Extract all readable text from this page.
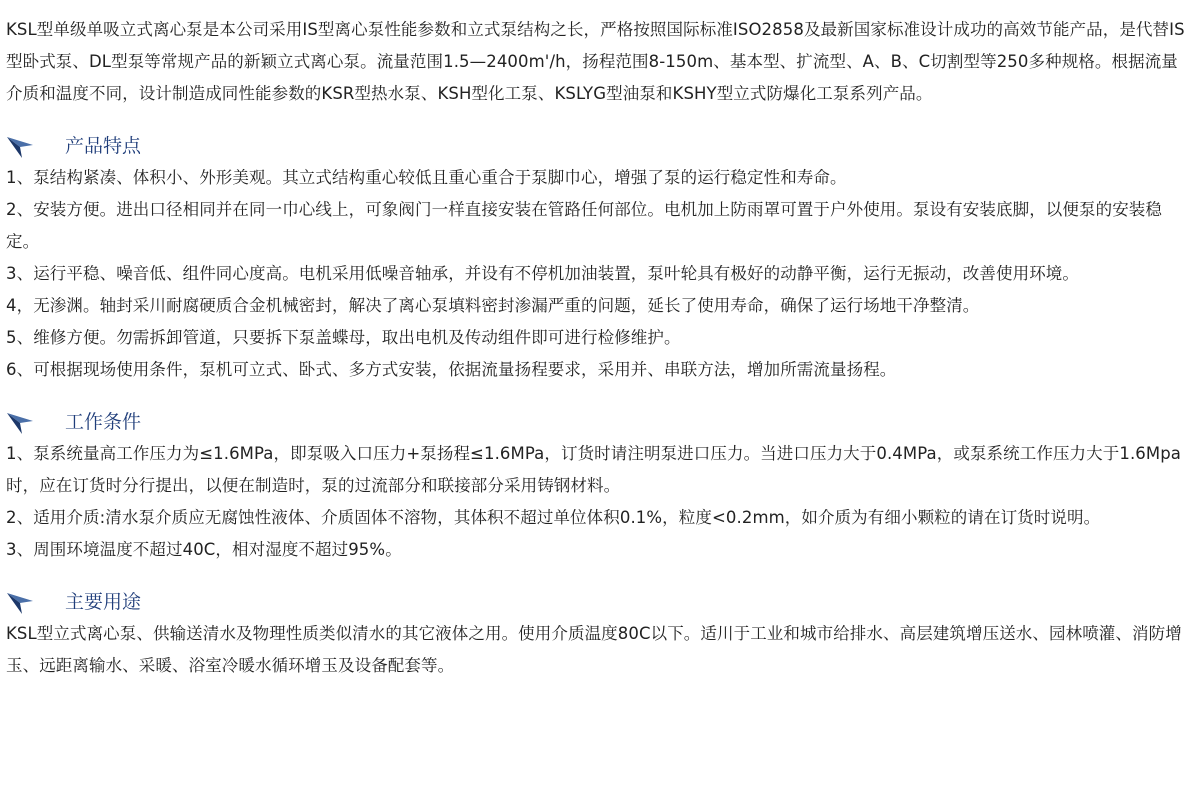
KSL型单级单吸立式离心泵是本公司采用IS型离心泵性能参数和立式泵结构之长，严格按照国际标准ISO2858及最新国家标准设计成功的高效节能产品，是代替IS型卧式泵、DL型泵等常规产品的新颖立式离心泵。流量范围1.5—2400m'/h，扬程范围8-150m、基本型、扩流型、A、B、C切割型等250多种规格。根据流量介质和温度不同，设计制造成同性能参数的KSR型热水泵、KSH型化工泵、KSLYG型油泵和KSHY型立式防爆化工泵系列产品。

产品特点

1、泵结构紧凑、体积小、外形美观。其立式结构重心较低且重心重合于泵脚巾心，增强了泵的运行稳定性和寿命。

2、安装方便。进出口径相同并在同一巾心线上，可象阀门一样直接安装在管路任何部位。电机加上防雨罩可置于户外使用。泵设有安装底脚，以便泵的安装稳定。

3、运行平稳、噪音低、组件同心度高。电机采用低噪音轴承，并设有不停机加油装置，泵叶轮具有极好的动静平衡，运行无振动，改善使用环境。

4，无渗渊。轴封采川耐腐硬质合金机械密封，解决了离心泵填料密封渗漏严重的问题，延长了使用寿命，确保了运行场地干净整清。

5、维修方便。勿需拆卸管道，只要拆下泵盖蝶母，取出电机及传动组件即可进行检修维护。

6、可根据现场使用条件，泵机可立式、卧式、多方式安装，依据流量扬程要求，采用并、串联方法，增加所需流量扬程。

工作条件

1、泵系统量高工作压力为≤1.6MPa，即泵吸入口压力+泵扬程≤1.6MPa，订货时请注明泵进口压力。当进口压力大于0.4MPa，或泵系统工作压力大于1.6Mpa时，应在订货时分行提出，以便在制造时，泵的过流部分和联接部分采用铸钢材料。

2、适用介质:清水泵介质应无腐蚀性液体、介质固体不溶物，其体积不超过单位体积0.1%，粒度<0.2mm，如介质为有细小颗粒的请在订货时说明。

3、周围环境温度不超过40C，相对湿度不超过95%。

主要用途

KSL型立式离心泵、供输送清水及物理性质类似清水的其它液体之用。使用介质温度80C以下。适川于工业和城市给排水、高层建筑增压送水、园林喷灌、消防增玉、远距离输水、采暖、浴室冷暖水循环增玉及设备配套等。
